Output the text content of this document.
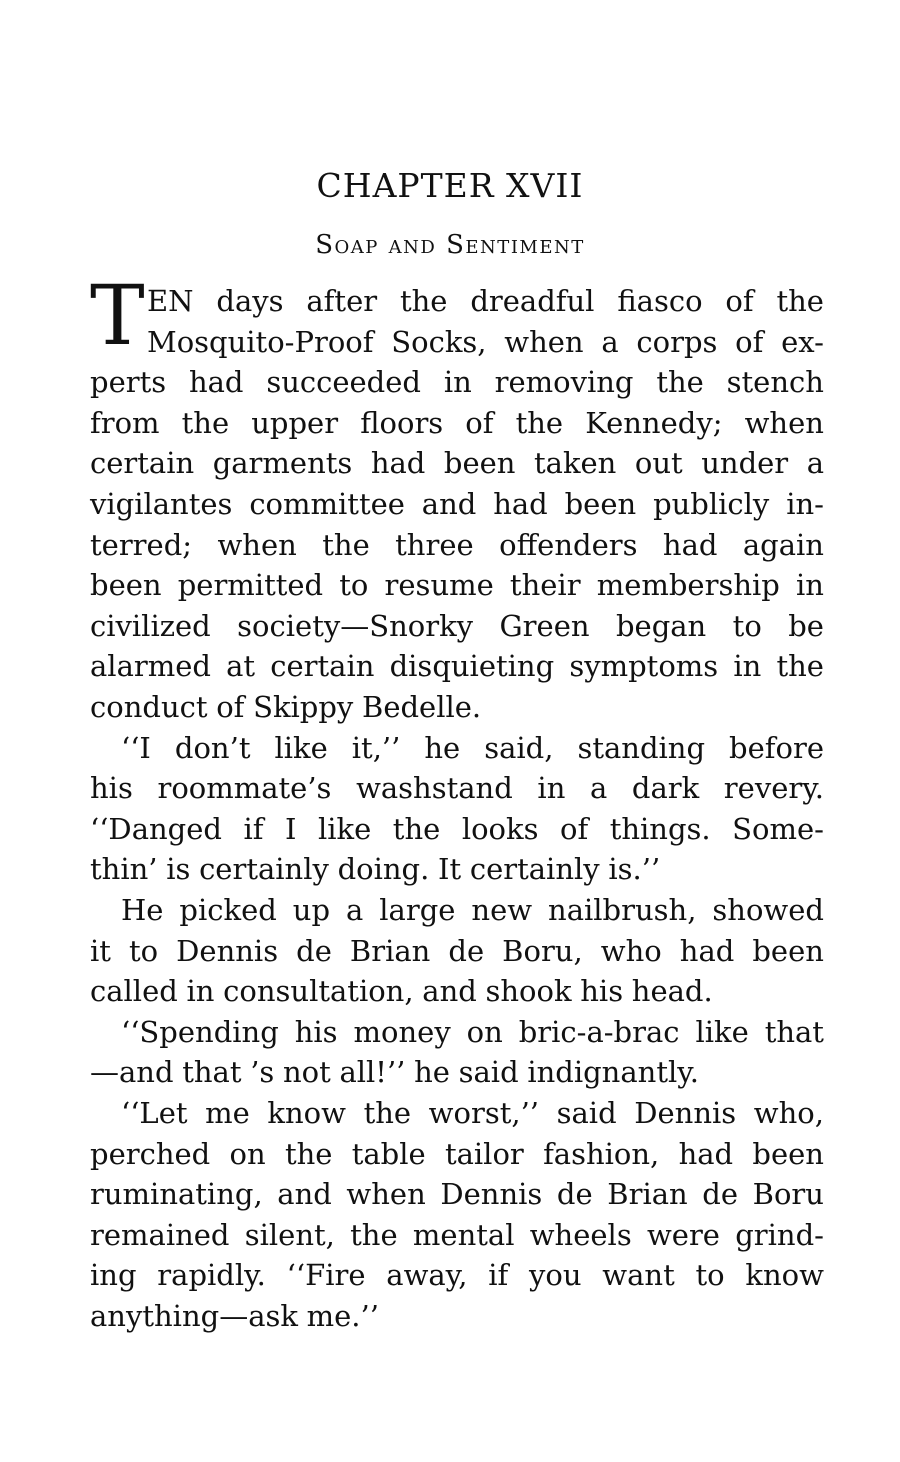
CHAPTER XVII
Soap and Sentiment
T EN days after the dreadful fiasco of the
Mosquito-Proof Socks, when a corps of ex-
perts had succeeded in removing the stench
from the upper floors of the Kennedy; when
certain garments had been taken out under a
vigilantes committee and had been publicly in-
terred; when the three offenders had again
been permitted to resume their membership in
civilized society—Snorky Green began to be
alarmed at certain disquieting symptoms in the
conduct of Skippy Bedelle.
‘‘I don’t like it,’’ he said, standing before
his roommate’s washstand in a dark revery.
‘‘Danged if I like the looks of things. Some-
thin’ is certainly doing. It certainly is.’’
He picked up a large new nailbrush, showed
it to Dennis de Brian de Boru, who had been
called in consultation, and shook his head.
‘‘Spending his money on bric-a-brac like that
—and that ’s not all!’’ he said indignantly.
‘‘Let me know the worst,’’ said Dennis who,
perched on the table tailor fashion, had been
ruminating, and when Dennis de Brian de Boru
remained silent, the mental wheels were grind-
ing rapidly. ‘‘Fire away, if you want to know
anything—ask me.’’
